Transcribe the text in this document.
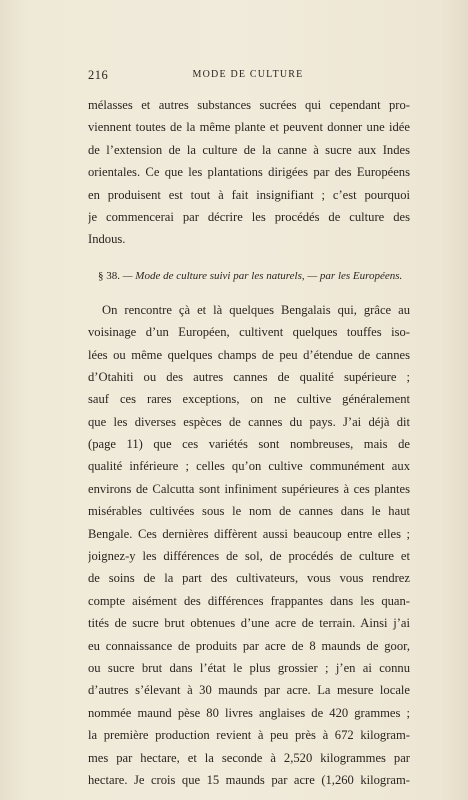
216	MODE DE CULTURE
mélasses et autres substances sucrées qui cependant pro-
viennent toutes de la même plante et peuvent donner une idée
de l’extension de la culture de la canne à sucre aux Indes
orientales. Ce que les plantations dirigées par des Européens
en produisent est tout à fait insignifiant ; c’est pourquoi
je commencerai par décrire les procédés de culture des
Indous.
§ 38. — Mode de culture suivi par les naturels, — par les Européens.
On rencontre çà et là quelques Bengalais qui, grâce au
voisinage d’un Européen, cultivent quelques touffes iso-
lées ou même quelques champs de peu d’étendue de cannes
d’Otahiti ou des autres cannes de qualité supérieure ;
sauf ces rares exceptions, on ne cultive généralement
que les diverses espèces de cannes du pays. J’ai déjà dit
(page 11) que ces variétés sont nombreuses, mais de
qualité inférieure ; celles qu’on cultive communément aux
environs de Calcutta sont infiniment supérieures à ces plantes
misérables cultivées sous le nom de cannes dans le haut
Bengale. Ces dernières diffèrent aussi beaucoup entre elles ;
joignez-y les différences de sol, de procédés de culture et
de soins de la part des cultivateurs, vous vous rendrez
compte aisément des différences frappantes dans les quan-
tités de sucre brut obtenues d’une acre de terrain. Ainsi j’ai
eu connaissance de produits par acre de 8 maunds de goor,
ou sucre brut dans l’état le plus grossier ; j’en ai connu
d’autres s’élevant à 30 maunds par acre. La mesure locale
nommée maund pèse 80 livres anglaises de 420 grammes ;
la première production revient à peu près à 672 kilogram-
mes par hectare, et la seconde à 2,520 kilogrammes par
hectare. Je crois que 15 maunds par acre (1,260 kilogram-
